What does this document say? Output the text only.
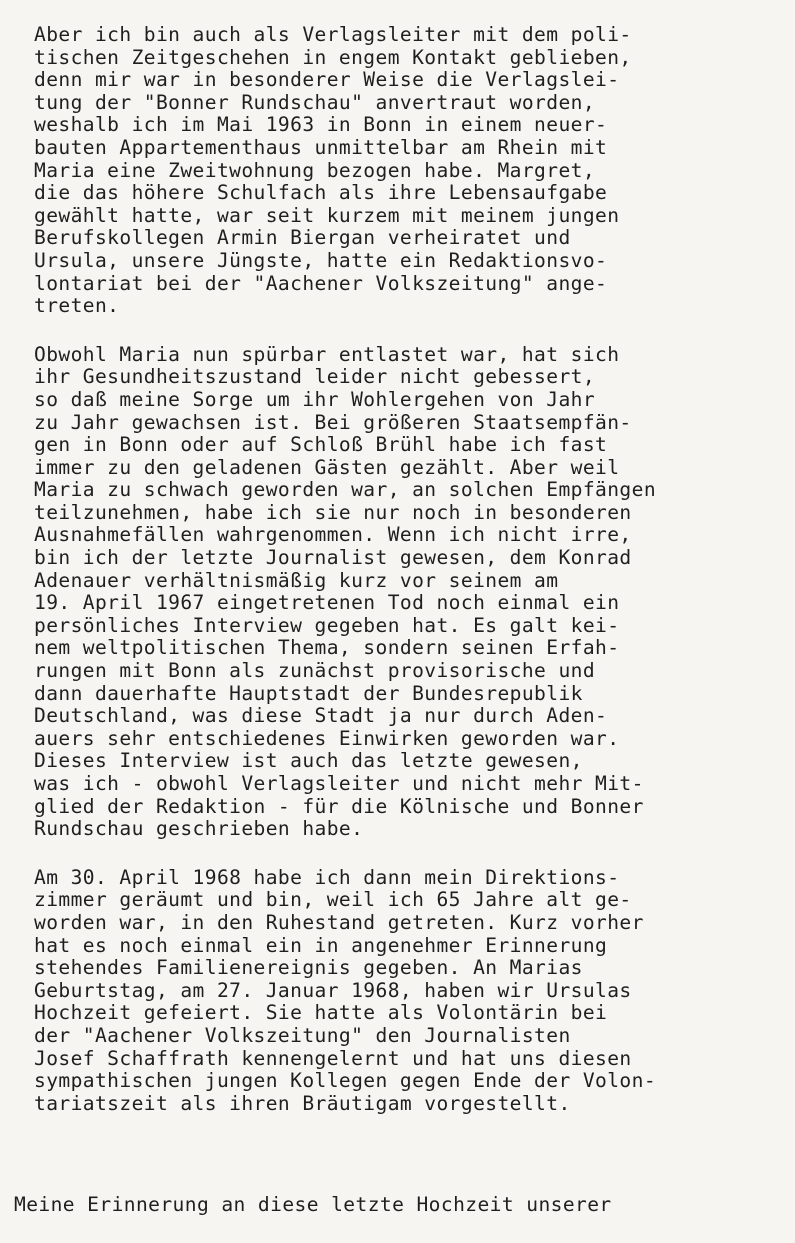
Aber ich bin auch als Verlagsleiter mit dem poli-
tischen Zeitgeschehen in engem Kontakt geblieben,
denn mir war in besonderer Weise die Verlagslei-
tung der "Bonner Rundschau" anvertraut worden,
weshalb ich im Mai 1963 in Bonn in einem neuer-
bauten Appartementhaus unmittelbar am Rhein mit
Maria eine Zweitwohnung bezogen habe. Margret,
die das höhere Schulfach als ihre Lebensaufgabe
gewählt hatte, war seit kurzem mit meinem jungen
Berufskollegen Armin Biergan verheiratet und
Ursula, unsere Jüngste, hatte ein Redaktionsvo-
lontariat bei der "Aachener Volkszeitung" ange-
treten.
Obwohl Maria nun spürbar entlastet war, hat sich
ihr Gesundheitszustand leider nicht gebessert,
so daß meine Sorge um ihr Wohlergehen von Jahr
zu Jahr gewachsen ist. Bei größeren Staatsempfän-
gen in Bonn oder auf Schloß Brühl habe ich fast
immer zu den geladenen Gästen gezählt. Aber weil
Maria zu schwach geworden war, an solchen Empfängen
teilzunehmen, habe ich sie nur noch in besonderen
Ausnahmefällen wahrgenommen. Wenn ich nicht irre,
bin ich der letzte Journalist gewesen, dem Konrad
Adenauer verhältnismäßig kurz vor seinem am
19. April 1967 eingetretenen Tod noch einmal ein
persönliches Interview gegeben hat. Es galt kei-
nem weltpolitischen Thema, sondern seinen Erfah-
rungen mit Bonn als zunächst provisorische und
dann dauerhafte Hauptstadt der Bundesrepublik
Deutschland, was diese Stadt ja nur durch Aden-
auers sehr entschiedenes Einwirken geworden war.
Dieses Interview ist auch das letzte gewesen,
was ich - obwohl Verlagsleiter und nicht mehr Mit-
glied der Redaktion - für die Kölnische und Bonner
Rundschau geschrieben habe.
Am 30. April 1968 habe ich dann mein Direktions-
zimmer geräumt und bin, weil ich 65 Jahre alt ge-
worden war, in den Ruhestand getreten. Kurz vorher
hat es noch einmal ein in angenehmer Erinnerung
stehendes Familienereignis gegeben. An Marias
Geburtstag, am 27. Januar 1968, haben wir Ursulas
Hochzeit gefeiert. Sie hatte als Volontärin bei
der "Aachener Volkszeitung" den Journalisten
Josef Schaffrath kennengelernt und hat uns diesen
sympathischen jungen Kollegen gegen Ende der Volon-
tariatszeit als ihren Bräutigam vorgestellt.
Meine Erinnerung an diese letzte Hochzeit unserer
